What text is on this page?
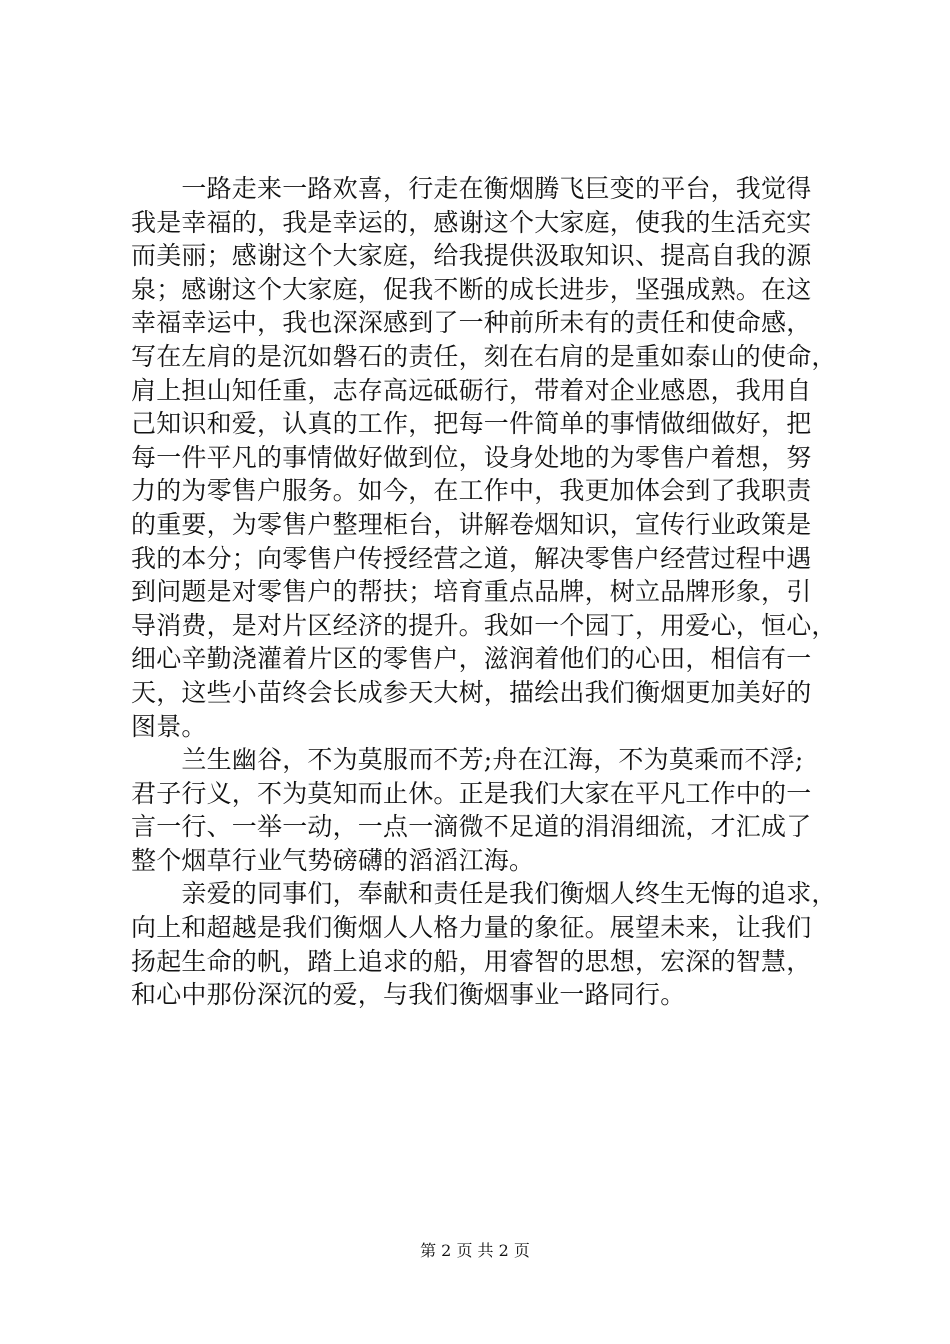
　　一路走来一路欢喜，行走在衡烟腾飞巨变的平台，我觉得
我是幸福的，我是幸运的，感谢这个大家庭，使我的生活充实
而美丽；感谢这个大家庭，给我提供汲取知识、提高自我的源
泉；感谢这个大家庭，促我不断的成长进步，坚强成熟。在这
幸福幸运中，我也深深感到了一种前所未有的责任和使命感，
写在左肩的是沉如磐石的责任，刻在右肩的是重如泰山的使命，
肩上担山知任重，志存高远砥砺行，带着对企业感恩，我用自
己知识和爱，认真的工作，把每一件简单的事情做细做好，把
每一件平凡的事情做好做到位，设身处地的为零售户着想，努
力的为零售户服务。如今，在工作中，我更加体会到了我职责
的重要，为零售户整理柜台，讲解卷烟知识，宣传行业政策是
我的本分；向零售户传授经营之道，解决零售户经营过程中遇
到问题是对零售户的帮扶；培育重点品牌，树立品牌形象，引
导消费，是对片区经济的提升。我如一个园丁，用爱心，恒心，
细心辛勤浇灌着片区的零售户，滋润着他们的心田，相信有一
天，这些小苗终会长成参天大树，描绘出我们衡烟更加美好的
图景。
　　兰生幽谷，不为莫服而不芳;舟在江海，不为莫乘而不浮;
君子行义，不为莫知而止休。正是我们大家在平凡工作中的一
言一行、一举一动，一点一滴微不足道的涓涓细流，才汇成了
整个烟草行业气势磅礴的滔滔江海。
　　亲爱的同事们，奉献和责任是我们衡烟人终生无悔的追求，
向上和超越是我们衡烟人人格力量的象征。展望未来，让我们
扬起生命的帆，踏上追求的船，用睿智的思想，宏深的智慧，
和心中那份深沉的爱，与我们衡烟事业一路同行。
第 2 页 共 2 页
